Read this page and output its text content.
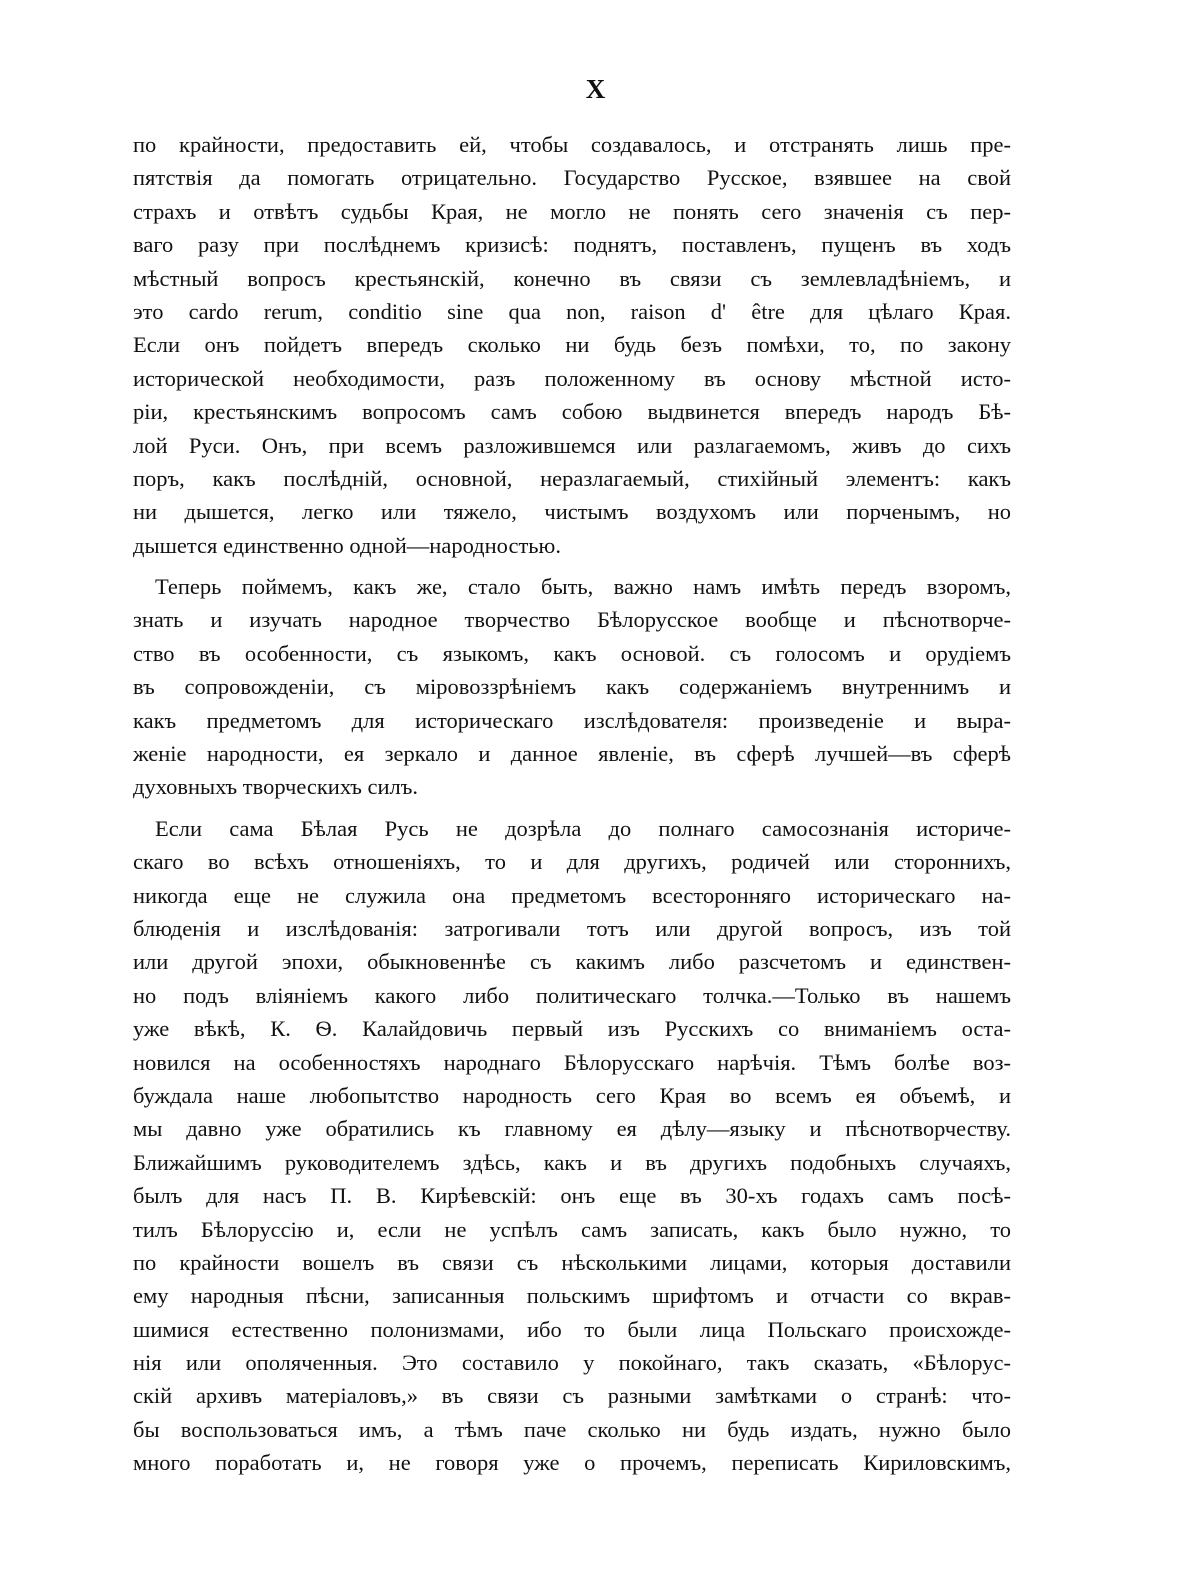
X
по крайности, предоставить ей, чтобы создавалось, и отстранять лишь пре-
пятствія да помогать отрицательно. Государство Русское, взявшее на свой
страхъ и отвѣтъ судьбы Края, не могло не понять сего значенія съ пер-
ваго разу при послѣднемъ кризисѣ: поднятъ, поставленъ, пущенъ въ ходъ
мѣстный вопросъ крестьянскій, конечно въ связи съ землевладѣніемъ, и
это cardo rerum, conditio sine qua non, raison d' être для цѣлаго Края.
Если онъ пойдетъ впередъ сколько ни будь безъ помѣхи, то, по закону
исторической необходимости, разъ положенному въ основу мѣстной исто-
ріи, крестьянскимъ вопросомъ самъ собою выдвинется впередъ народъ Бѣ-
лой Руси. Онъ, при всемъ разложившемся или разлагаемомъ, живъ до сихъ
поръ, какъ послѣдній, основной, неразлагаемый, стихійный элементъ: какъ
ни дышется, легко или тяжело, чистымъ воздухомъ или порченымъ, но
дышется единственно одной—народностью.
Теперь поймемъ, какъ же, стало быть, важно намъ имѣть передъ взоромъ,
знать и изучать народное творчество Бѣлорусское вообще и пѣснотворче-
ство въ особенности, съ языкомъ, какъ основой. съ голосомъ и орудіемъ
въ сопровожденіи, съ міровоззрѣніемъ какъ содержаніемъ внутреннимъ и
какъ предметомъ для историческаго изслѣдователя: произведеніе и выра-
женіе народности, ея зеркало и данное явленіе, въ сферѣ лучшей—въ сферѣ
духовныхъ творческихъ силъ.
Если сама Бѣлая Русь не дозрѣла до полнаго самосознанія историче-
скаго во всѣхъ отношеніяхъ, то и для другихъ, родичей или стороннихъ,
никогда еще не служила она предметомъ всесторонняго историческаго на-
блюденія и изслѣдованія: затрогивали тотъ или другой вопросъ, изъ той
или другой эпохи, обыкновеннѣе съ какимъ либо разсчетомъ и единствен-
но подъ вліяніемъ какого либо политическаго толчка.—Только въ нашемъ
уже вѣкѣ, К. Ѳ. Калайдовичь первый изъ Русскихъ со вниманіемъ оста-
новился на особенностяхъ народнаго Бѣлорусскаго нарѣчія. Тѣмъ болѣе воз-
буждала наше любопытство народность сего Края во всемъ ея объемѣ, и
мы давно уже обратились къ главному ея дѣлу—языку и пѣснотворчеству.
Ближайшимъ руководителемъ здѣсь, какъ и въ другихъ подобныхъ случаяхъ,
былъ для насъ П. В. Кирѣевскій: онъ еще въ 30-хъ годахъ самъ посѣ-
тилъ Бѣлоруссію и, если не успѣлъ самъ записать, какъ было нужно, то
по крайности вошелъ въ связи съ нѣсколькими лицами, которыя доставили
ему народныя пѣсни, записанныя польскимъ шрифтомъ и отчасти со вкрав-
шимися естественно полонизмами, ибо то были лица Польскаго происхожде-
нія или ополяченныя. Это составило у покойнаго, такъ сказать, «Бѣлорус-
скій архивъ матеріаловъ,» въ связи съ разными замѣтками о странѣ: что-
бы воспользоваться имъ, а тѣмъ паче сколько ни будь издать, нужно было
много поработать и, не говоря уже о прочемъ, переписать Кириловскимъ,
